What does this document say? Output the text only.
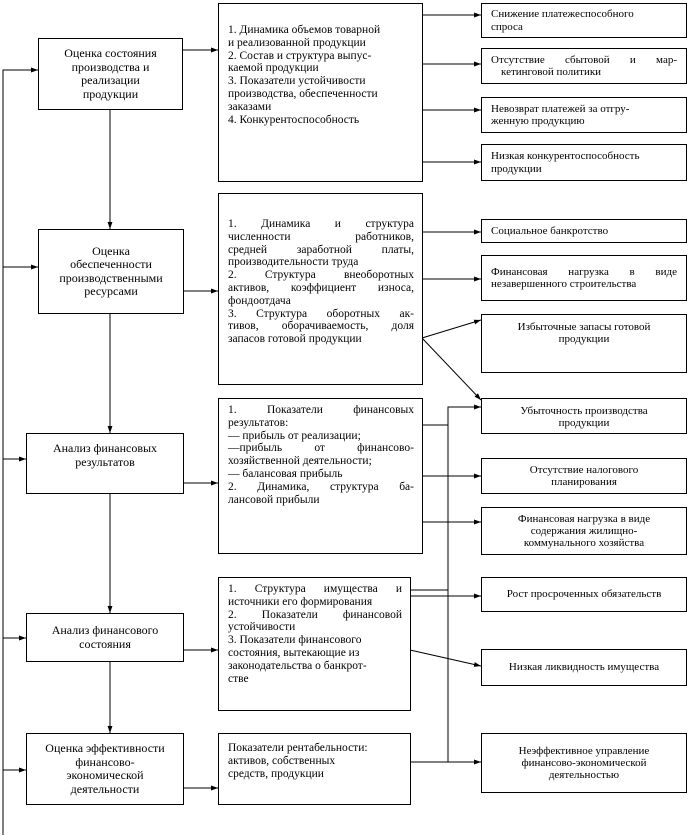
Оценка состояния
производства и
реализации
продукции
Оценка
обеспеченности
производственными
ресурсами
Анализ финансовых
результатов
Анализ финансового
состояния
Оценка эффективности
финансово-
экономической
деятельности
1. Динамика объемов товарной
и реализованной продукции
2. Состав и структура выпус-
каемой продукции
3. Показатели устойчивости
производства, обеспеченности
заказами
4. Конкурентоспособность
1. Динамика и структура
численности работников,
средней заработной платы,
производительности труда
2. Структура внеоборотных
активов, коэффициент износа,
фондоотдача
3. Структура оборотных ак-
тивов, оборачиваемость, доля
запасов готовой продукции
1. Показатели финансовых
результатов:
— прибыль от реализации;
—прибыль от финансово-
хозяйственной деятельности;
— балансовая прибыль
2. Динамика, структура ба-
лансовой прибыли
1. Структура имущества и
источники его формирования
2. Показатели финансовой
устойчивости
3. Показатели финансового
состояния, вытекающие из
законодательства о банкрот-
стве
Показатели рентабельности:
активов, собственных
средств, продукции
Снижение платежеспособного
спроса
Отсутствие сбытовой и мар-
кетинговой политики
Невозврат платежей за отгру-
женную продукцию
Низкая конкурентоспособность
продукции
Социальное банкротство
Финансовая нагрузка в виде
незавершенного строительства
Избыточные запасы готовой
продукции
Убыточность производства
продукции
Отсутствие налогового
планирования
Финансовая нагрузка в виде
содержания жилищно-
коммунального хозяйства
Рост просроченных обязательств
Низкая ликвидность имущества
Неэффективное управление
финансово-экономической
деятельностью
